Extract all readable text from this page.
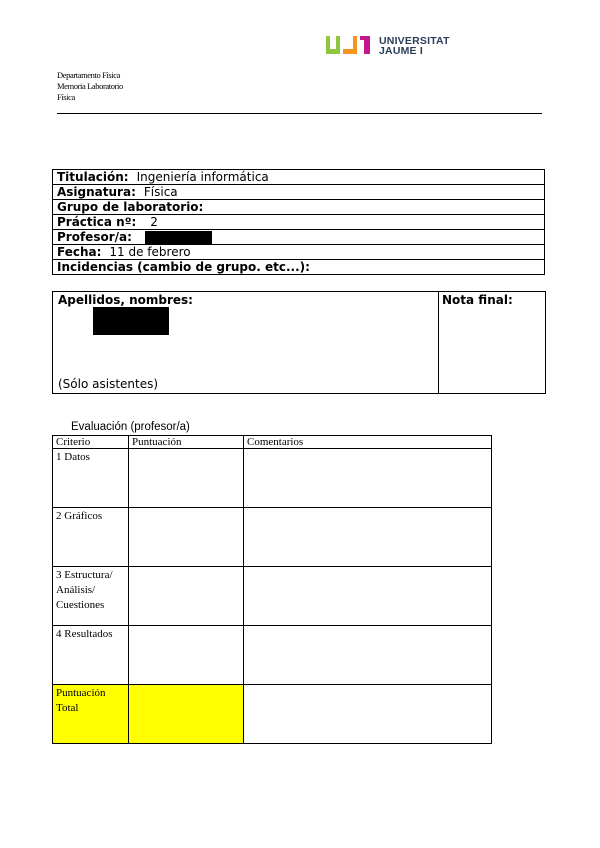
UNIVERSITAT
JAUME I
Departamento Física
Memoria Laboratorio
Física
Titulación: Ingeniería informática
Asignatura: Física
Grupo de laboratorio:
Práctica nº: 2
Profesor/a:
Fecha: 11 de febrero
Incidencias (cambio de grupo. etc...):
Apellidos, nombres:
(Sólo asistentes)
Nota final:
Evaluación (profesor/a)
Criterio	Puntuación	Comentarios
1 Datos		
2 Gráficos		
3 Estructura/ Análisis/ Cuestiones		
4 Resultados		
Puntuación Total		
